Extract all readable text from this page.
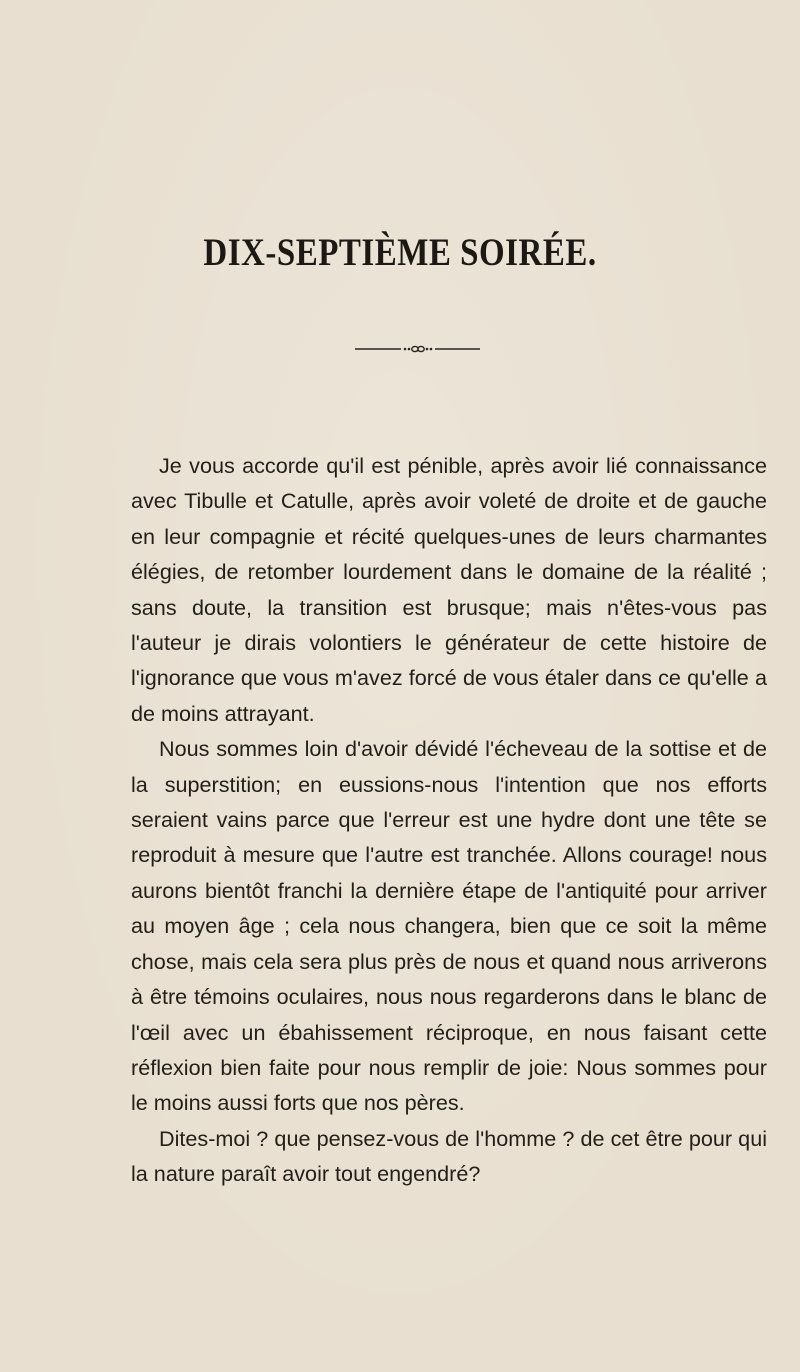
DIX-SEPTIÈME SOIRÉE.

Je vous accorde qu'il est pénible, après avoir lié connaissance avec Tibulle et Catulle, après avoir voleté de droite et de gauche en leur compagnie et récité quelques-unes de leurs charmantes élégies, de retomber lourdement dans le domaine de la réalité ; sans doute, la transition est brusque; mais n'êtes-vous pas l'auteur je dirais volontiers le générateur de cette histoire de l'ignorance que vous m'avez forcé de vous étaler dans ce qu'elle a de moins attrayant.

Nous sommes loin d'avoir dévidé l'écheveau de la sottise et de la superstition; en eussions-nous l'intention que nos efforts seraient vains parce que l'erreur est une hydre dont une tête se reproduit à mesure que l'autre est tranchée. Allons courage! nous aurons bientôt franchi la dernière étape de l'antiquité pour arriver au moyen âge ; cela nous changera, bien que ce soit la même chose, mais cela sera plus près de nous et quand nous arriverons à être témoins oculaires, nous nous regarderons dans le blanc de l'œil avec un ébahissement réciproque, en nous faisant cette réflexion bien faite pour nous remplir de joie: Nous sommes pour le moins aussi forts que nos pères.

Dites-moi ? que pensez-vous de l'homme ? de cet être pour qui la nature paraît avoir tout engendré?
